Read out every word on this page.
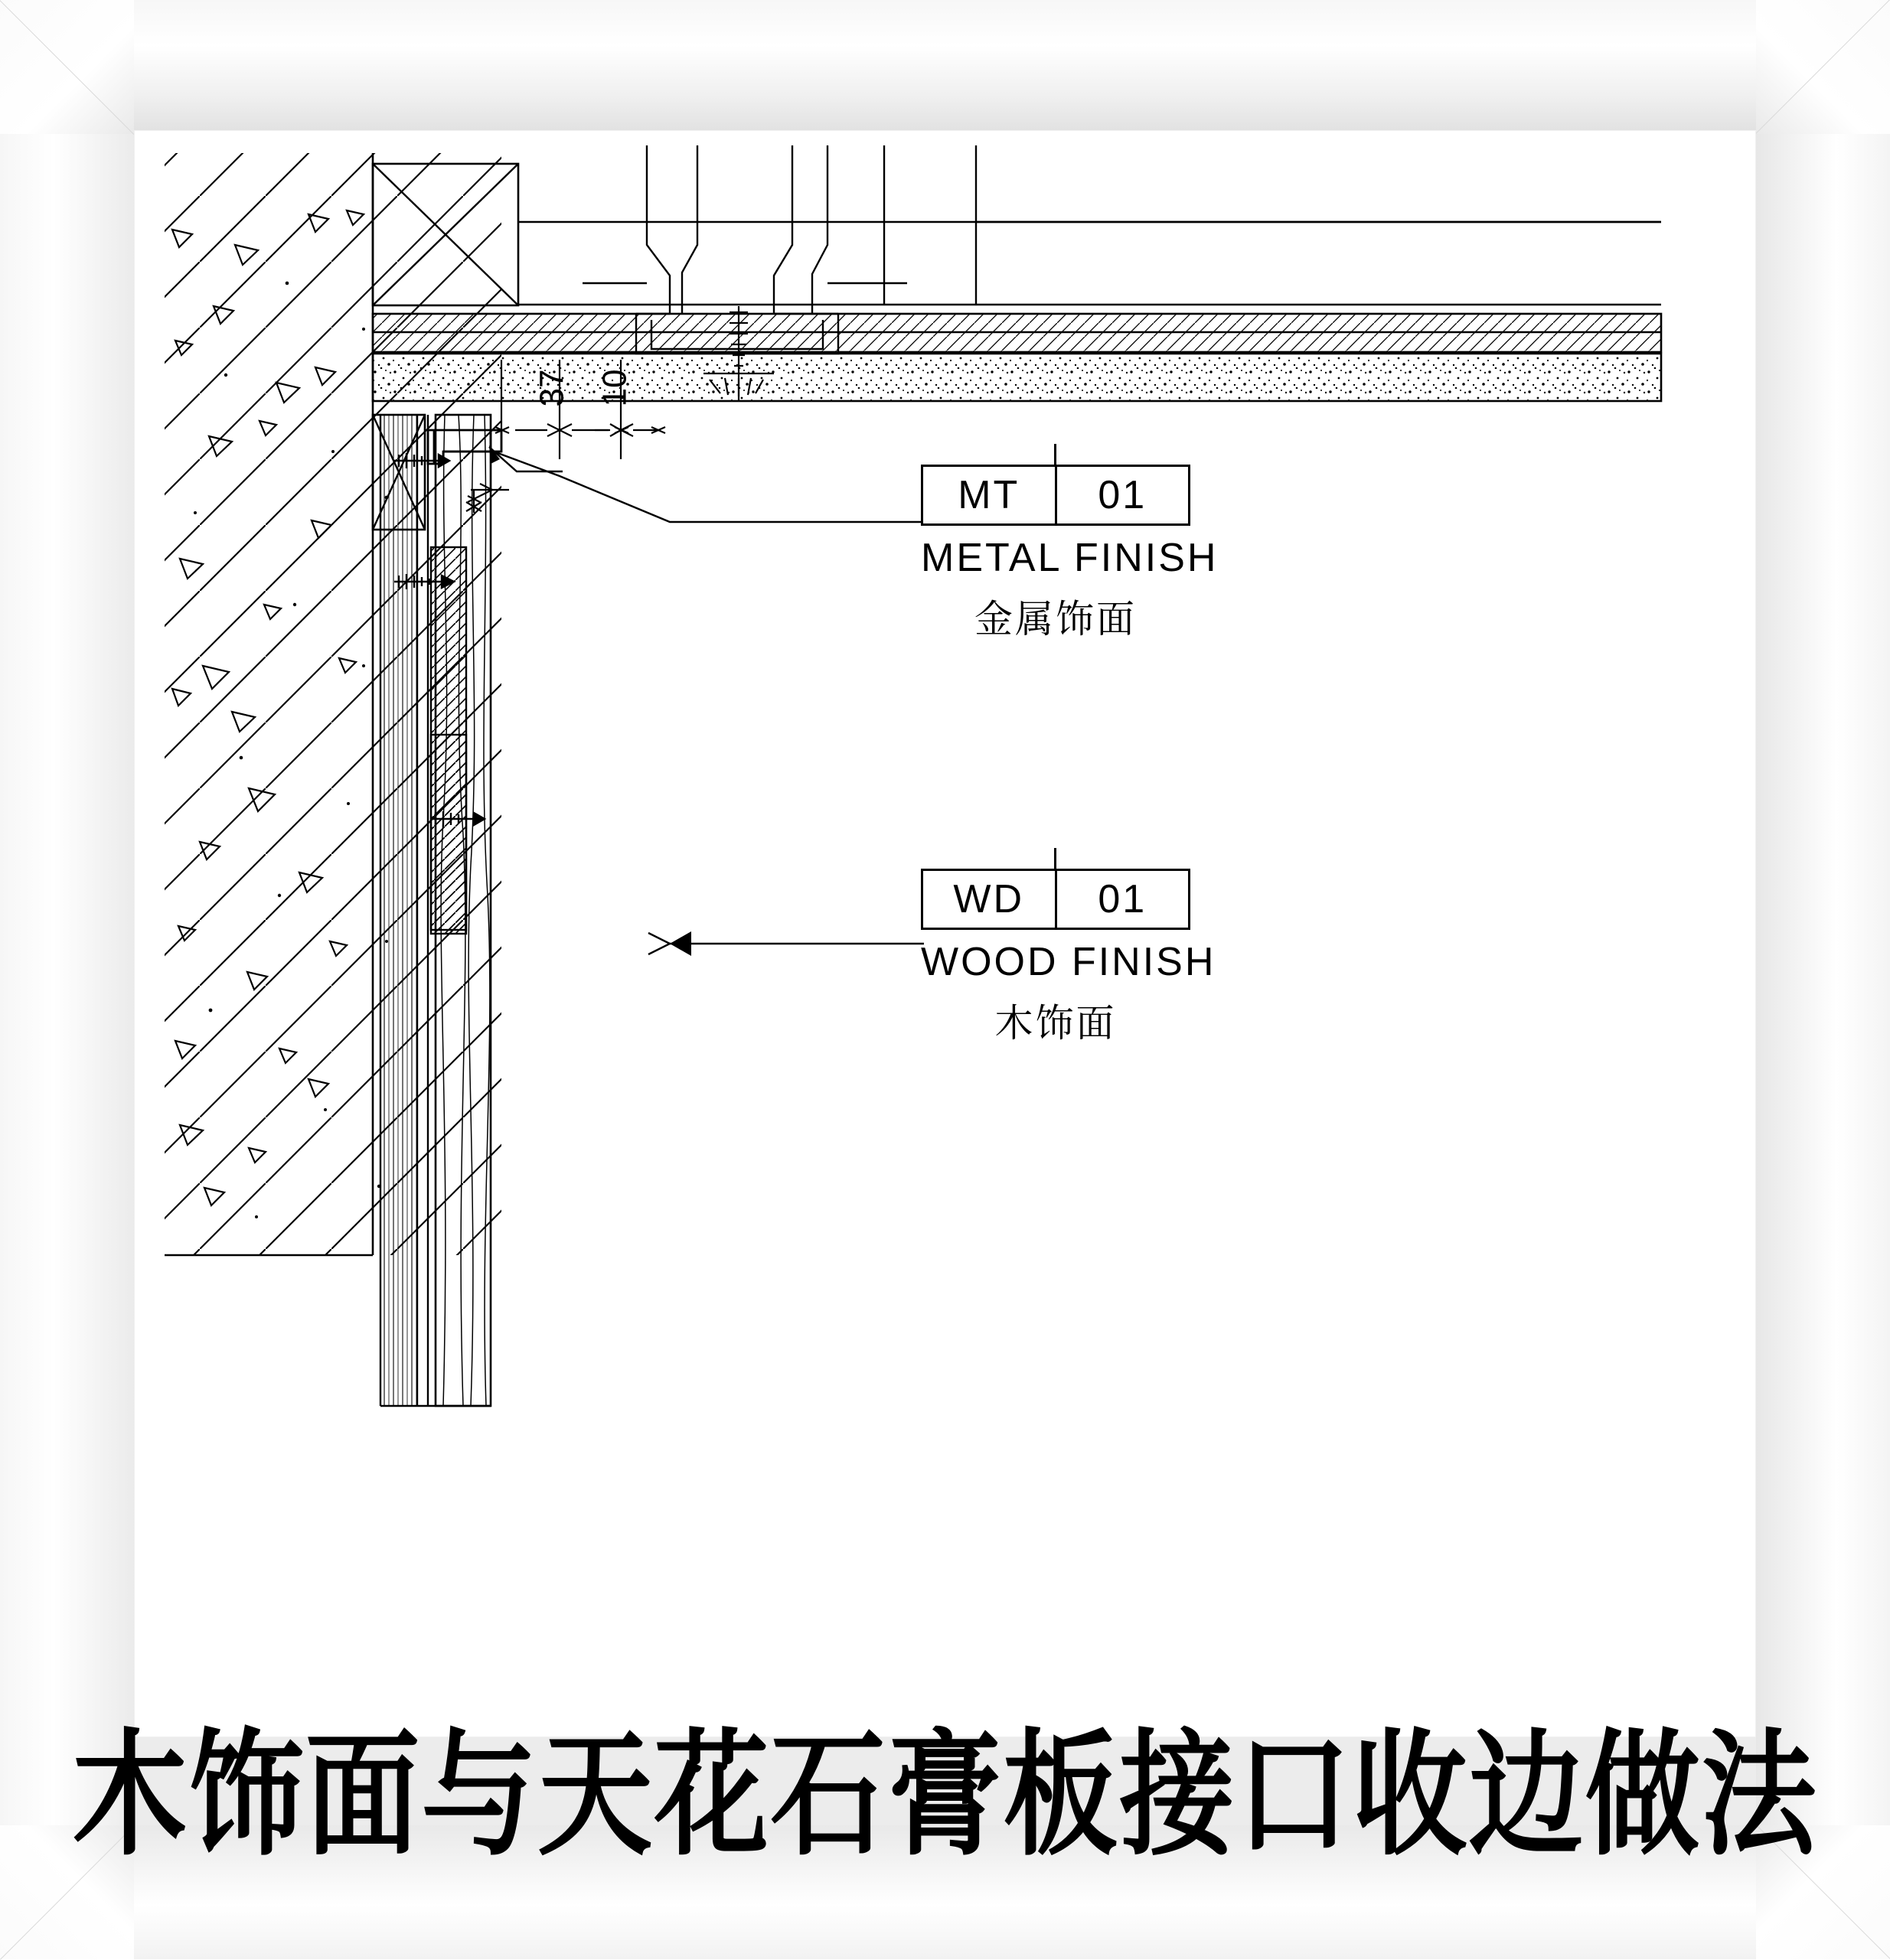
37 10
MT	01
METAL FINISH
金属饰面
WD	01
WOOD FINISH
木饰面
木饰面与天花石膏板接口收边做法
